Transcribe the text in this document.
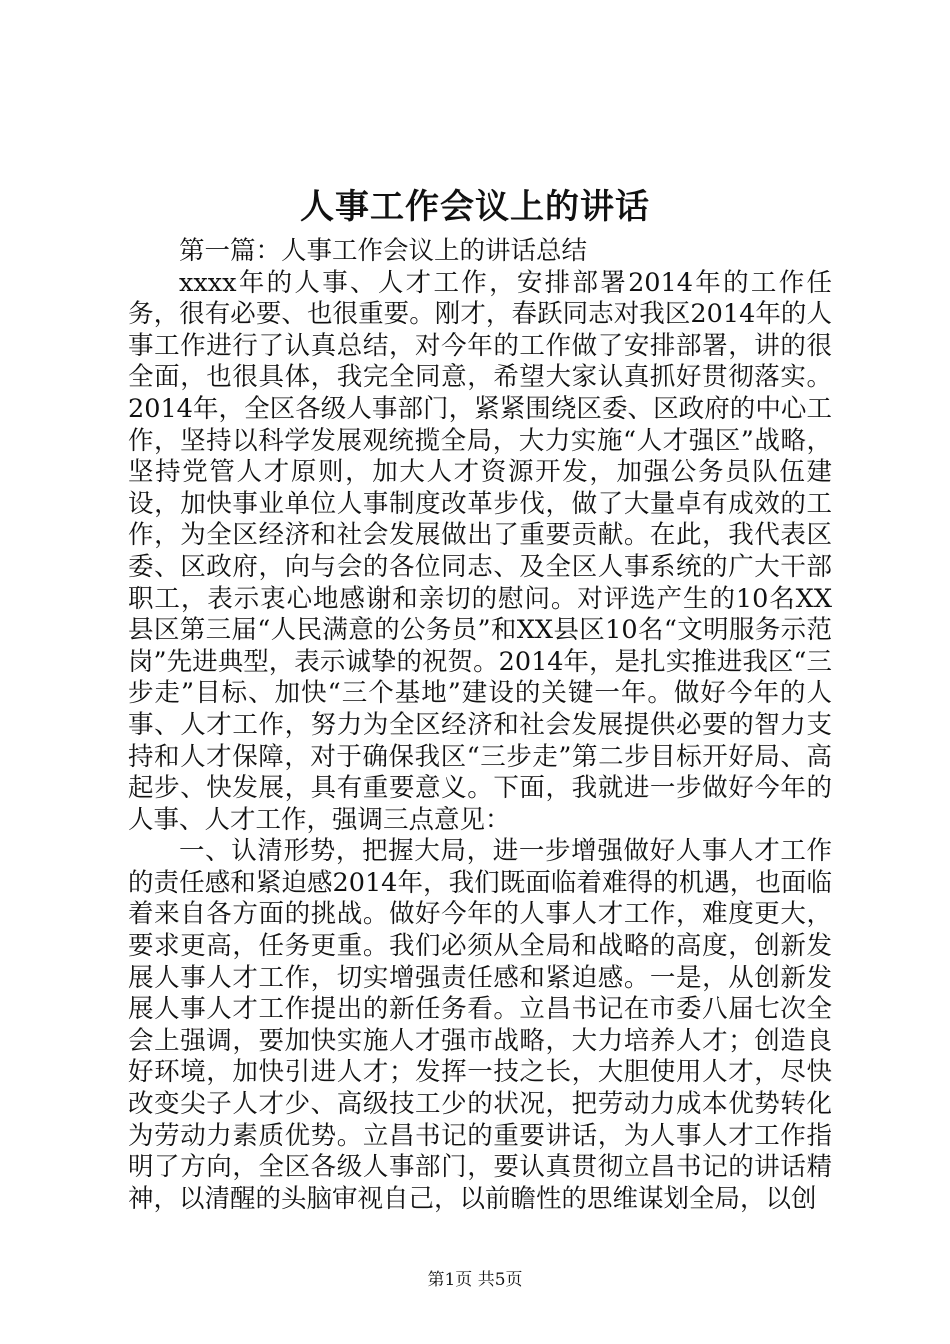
人事工作会议上的讲话

第一篇：人事工作会议上的讲话总结

xxxx年的人事、人才工作，安排部署2014年的工作任务，很有必要、也很重要。刚才，春跃同志对我区2014年的人事工作进行了认真总结，对今年的工作做了安排部署，讲的很全面，也很具体，我完全同意，希望大家认真抓好贯彻落实。2014年，全区各级人事部门，紧紧围绕区委、区政府的中心工作，坚持以科学发展观统揽全局，大力实施“人才强区”战略，坚持党管人才原则，加大人才资源开发，加强公务员队伍建设，加快事业单位人事制度改革步伐，做了大量卓有成效的工作，为全区经济和社会发展做出了重要贡献。在此，我代表区委、区政府，向与会的各位同志、及全区人事系统的广大干部职工，表示衷心地感谢和亲切的慰问。对评选产生的10名XX县区第三届“人民满意的公务员”和XX县区10名“文明服务示范岗”先进典型，表示诚挚的祝贺。2014年，是扎实推进我区“三步走”目标、加快“三个基地”建设的关键一年。做好今年的人事、人才工作，努力为全区经济和社会发展提供必要的智力支持和人才保障，对于确保我区“三步走”第二步目标开好局、高起步、快发展，具有重要意义。下面，我就进一步做好今年的人事、人才工作，强调三点意见：

一、认清形势，把握大局，进一步增强做好人事人才工作的责任感和紧迫感2014年，我们既面临着难得的机遇，也面临着来自各方面的挑战。做好今年的人事人才工作，难度更大，要求更高，任务更重。我们必须从全局和战略的高度，创新发展人事人才工作，切实增强责任感和紧迫感。一是，从创新发展人事人才工作提出的新任务看。立昌书记在市委八届七次全会上强调，要加快实施人才强市战略，大力培养人才；创造良好环境，加快引进人才；发挥一技之长，大胆使用人才，尽快改变尖子人才少、高级技工少的状况，把劳动力成本优势转化为劳动力素质优势。立昌书记的重要讲话，为人事人才工作指明了方向，全区各级人事部门，要认真贯彻立昌书记的讲话精神，以清醒的头脑审视自己，以前瞻性的思维谋划全局，以创

第1页 共5页
